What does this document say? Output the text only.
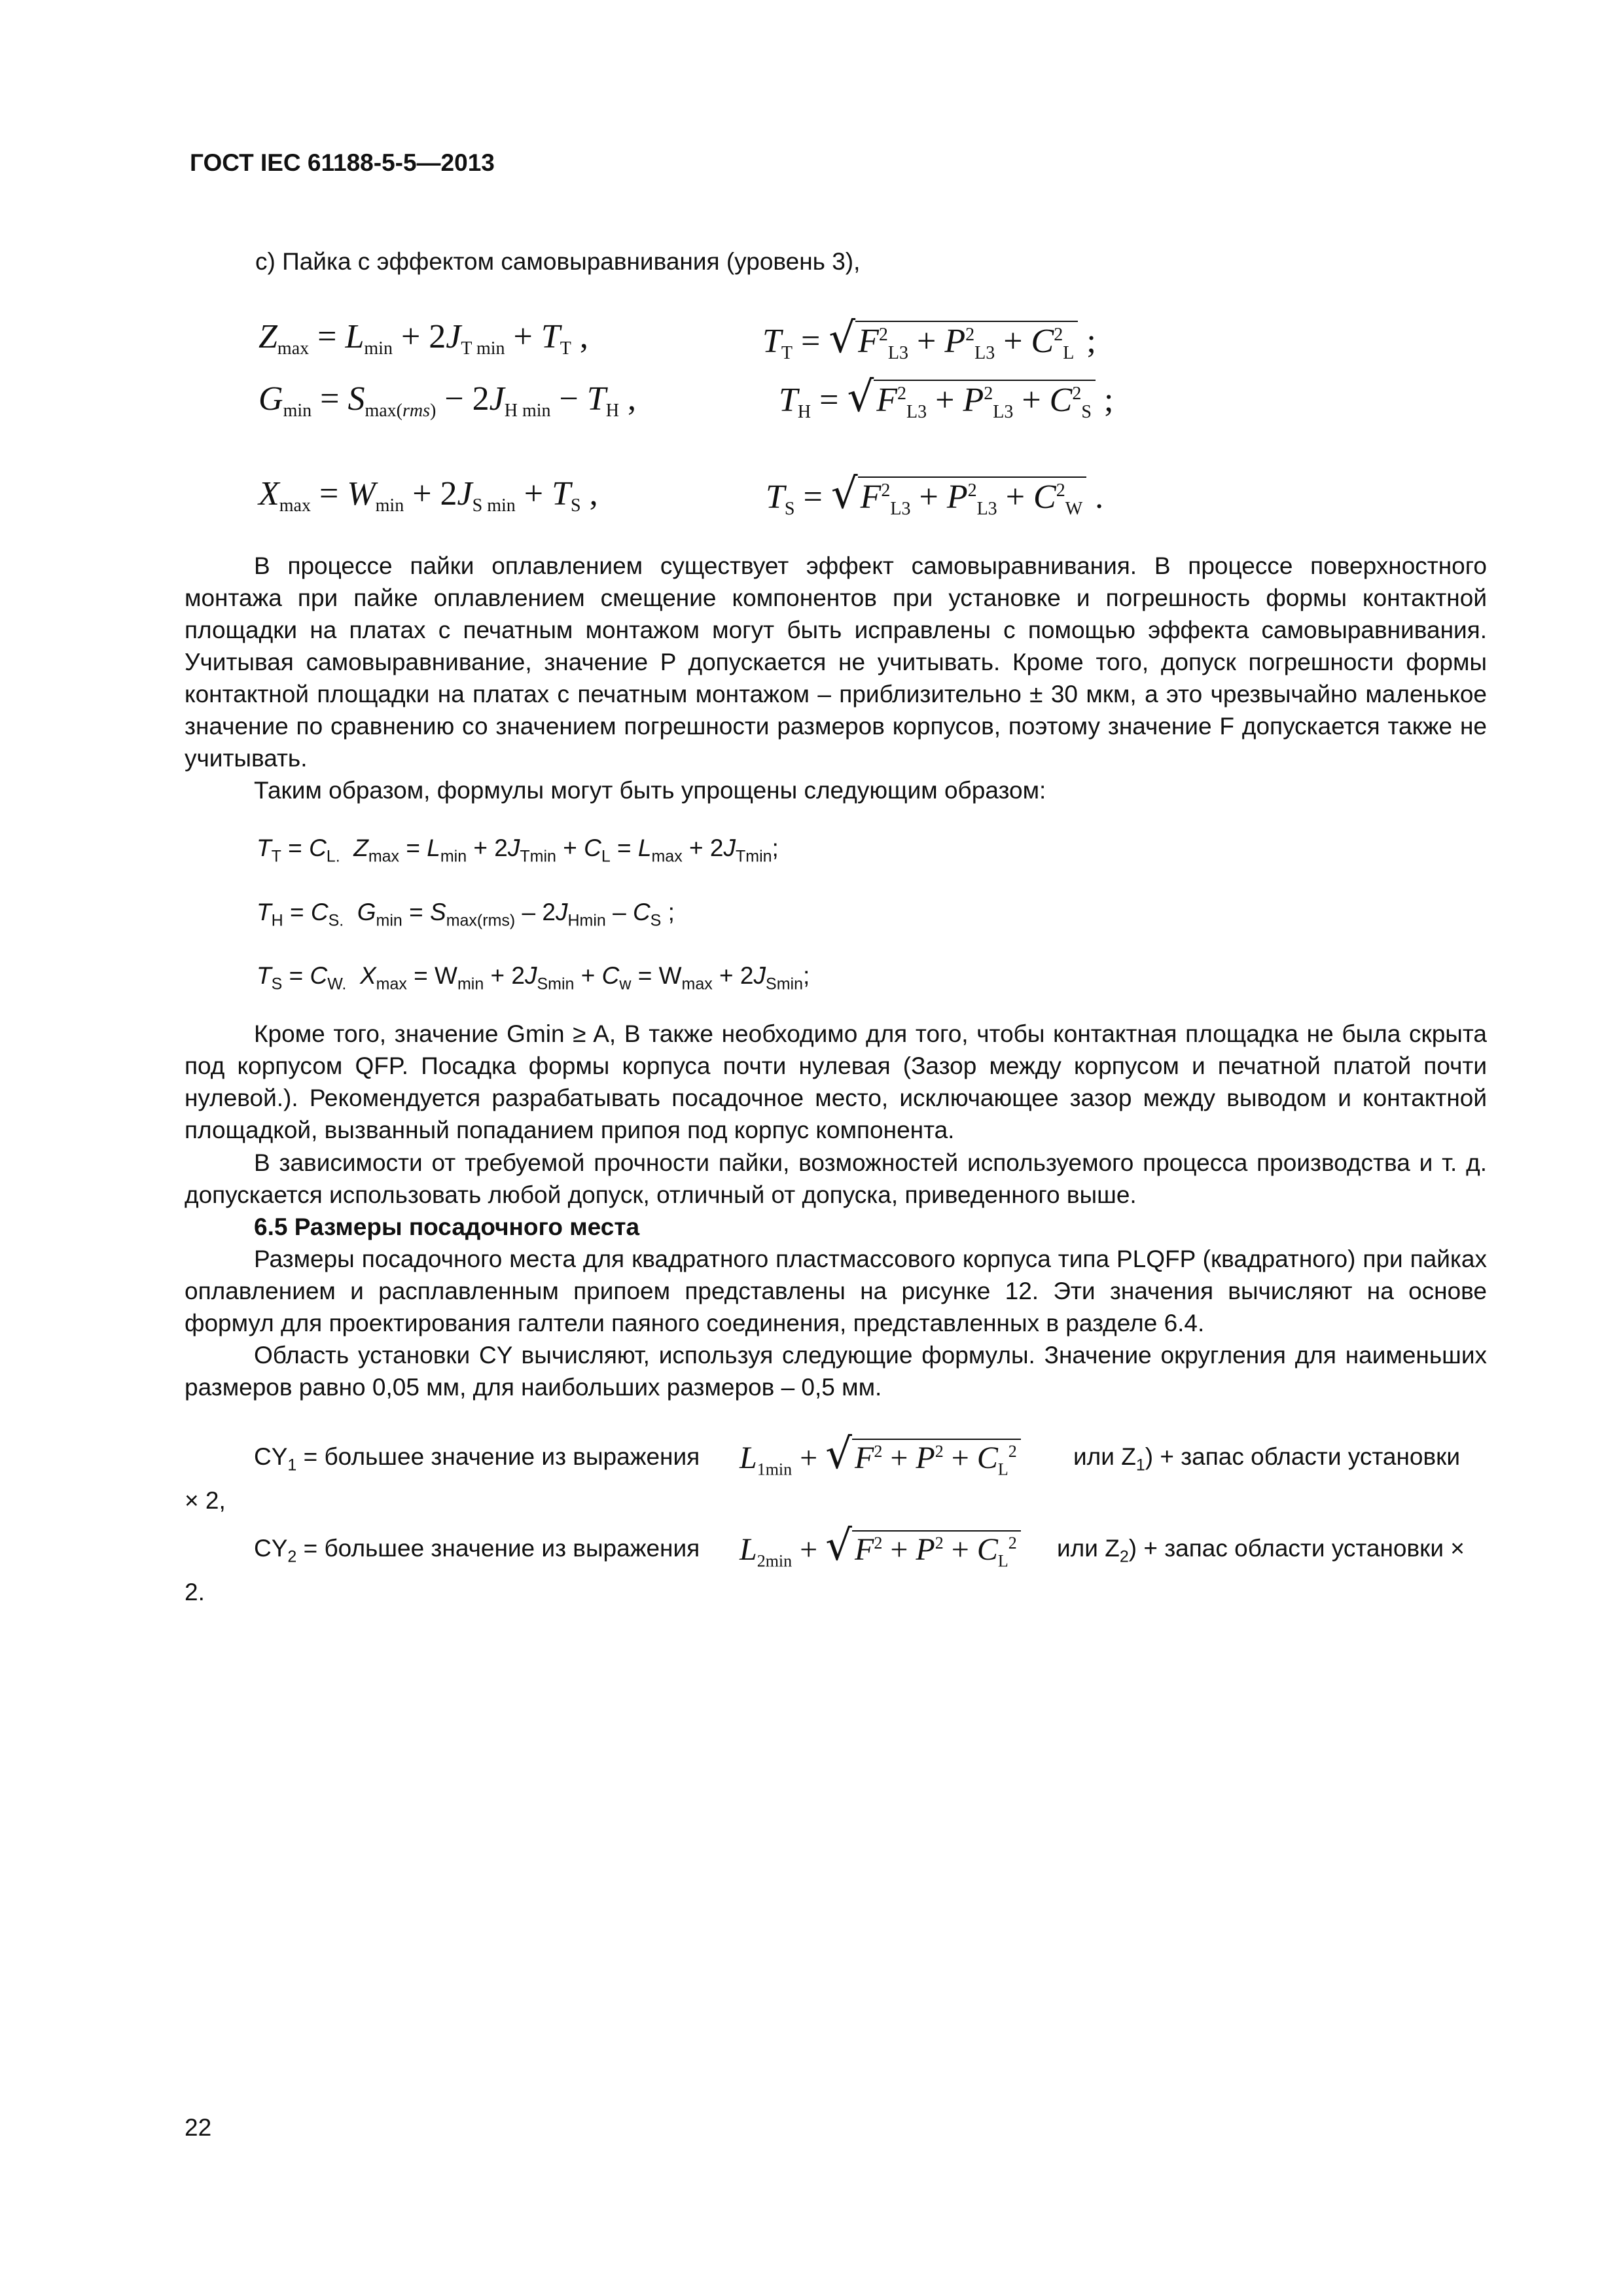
ГОСТ IEC 61188-5-5—2013
c) Пайка с эффектом самовыравнивания (уровень 3),
$Z_{max} = L_{min} + 2J_{T min} + T_T$ ,	$T_T = √F^2_{L3} + P^2_{L3} + C^2_L$ ;
$G_{min} = S_{max(rms)} - 2J_{H min} - T_H$ ,	$T_H = √F^2_{L3} + P^2_{L3} + C^2_S$ ;
$X_{max} = W_{min} + 2J_{S min} + T_S$ ,	$T_S = √F^2_{L3} + P^2_{L3} + C^2_W$ .
В процессе пайки оплавлением существует эффект самовыравнивания. В процессе поверхностного монтажа при пайке оплавлением смещение компонентов при установке и погрешность формы контактной площадки на платах с печатным монтажом могут быть исправлены с помощью эффекта самовыравнивания. Учитывая самовыравнивание, значение P допускается не учитывать. Кроме того, допуск погрешности формы контактной площадки на платах с печатным монтажом – приблизительно ± 30 мкм, а это чрезвычайно маленькое значение по сравнению со значением погрешности размеров корпусов, поэтому значение F допускается также не учитывать.
Таким образом, формулы могут быть упрощены следующим образом:
$T_T = C_{L.}$ $Z_{max} = L_{min} + 2J_{Tmin} + C_L = L_{max} + 2J_{Tmin}$;
$T_H = C_{S.}$ $G_{min} = S_{max(rms)} - 2J_{Hmin} - C_S$ ;
$T_S = C_{W.}$ $X_{max} = W_{min} + 2J_{Smin} + C_w = W_{max} + 2J_{Smin}$;
Кроме того, значение Gmin ≥ A, B также необходимо для того, чтобы контактная площадка не была скрыта под корпусом QFP. Посадка формы корпуса почти нулевая (Зазор между корпусом и печатной платой почти нулевой.). Рекомендуется разрабатывать посадочное место, исключающее зазор между выводом и контактной площадкой, вызванный попаданием припоя под корпус компонента.
В зависимости от требуемой прочности пайки, возможностей используемого процесса производства и т. д. допускается использовать любой допуск, отличный от допуска, приведенного выше.
6.5 Размеры посадочного места
Размеры посадочного места для квадратного пластмассового корпуса типа PLQFP (квадратного) при пайках оплавлением и расплавленным припоем представлены на рисунке 12. Эти значения вычисляют на основе формул для проектирования галтели паяного соединения, представленных в разделе 6.4.
Область установки CY вычисляют, используя следующие формулы. Значение округления для наименьших размеров равно 0,05 мм, для наибольших размеров – 0,5 мм.
$CY_1$ = большее значение из выражения $L_{1min} + √F^2 + P^2 + C_L^2$ или $Z_1$) + запас области установки
× 2,
$CY_2$ = большее значение из выражения $L_{2min} + √F^2 + P^2 + C_L^2$ или $Z_2$) + запас области установки ×
2.
22
